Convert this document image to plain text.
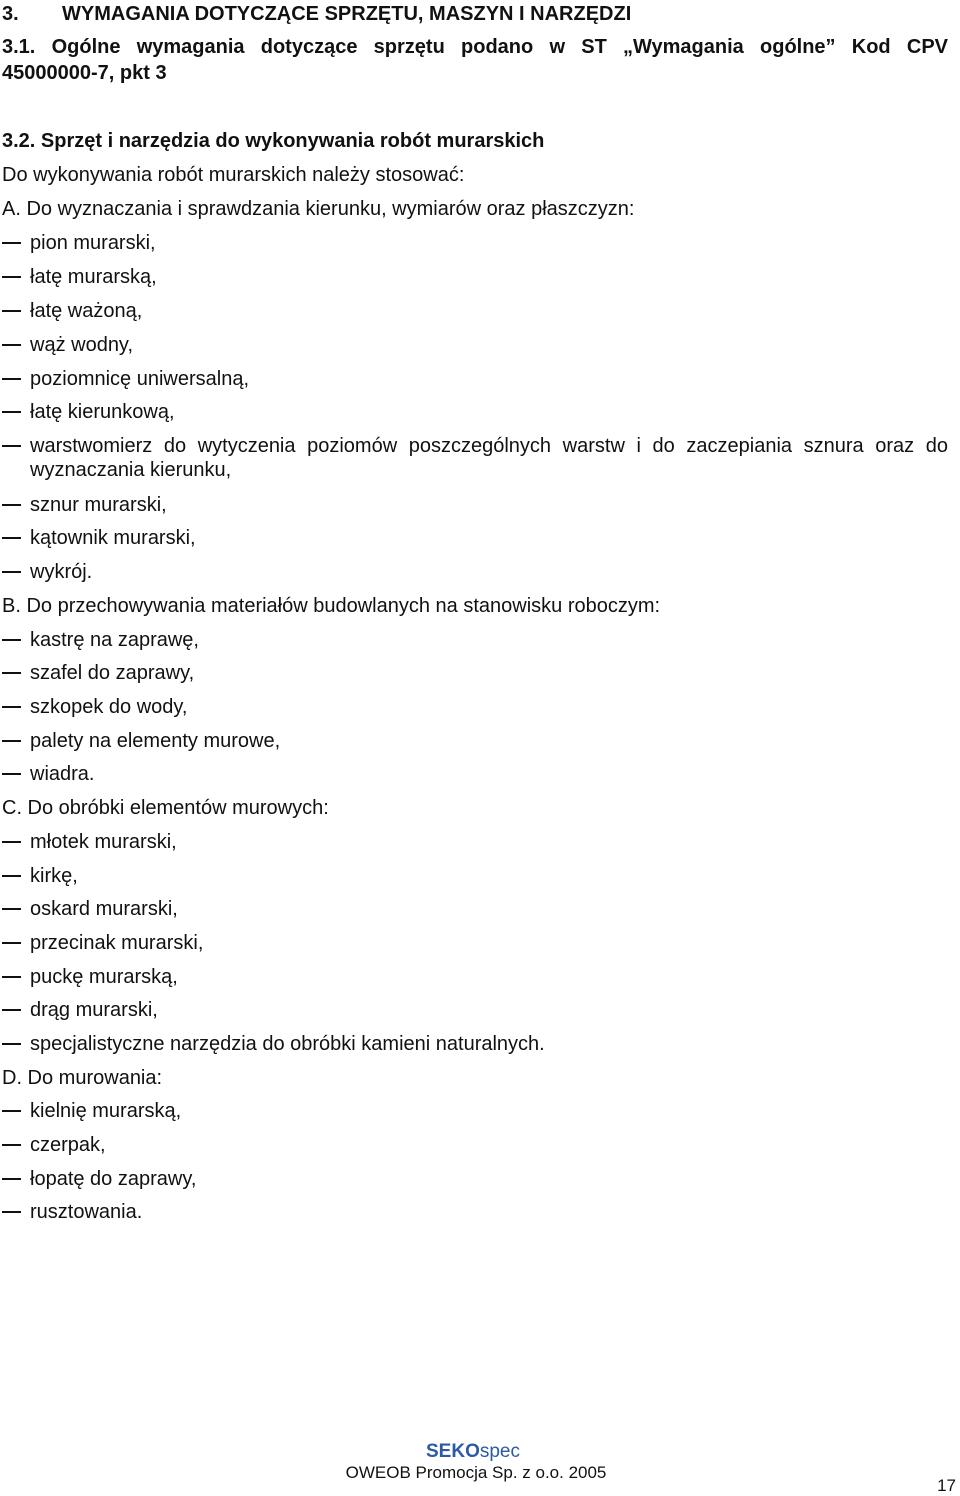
3. WYMAGANIA DOTYCZĄCE SPRZĘTU, MASZYN I NARZĘDZI
3.1. Ogólne wymagania dotyczące sprzętu podano w ST „Wymagania ogólne” Kod CPV
45000000-7, pkt 3
3.2. Sprzęt i narzędzia do wykonywania robót murarskich
Do wykonywania robót murarskich należy stosować:
A. Do wyznaczania i sprawdzania kierunku, wymiarów oraz płaszczyzn:
pion murarski,
łatę murarską,
łatę ważoną,
wąż wodny,
poziomnicę uniwersalną,
łatę kierunkową,
warstwomierz do wytyczenia poziomów poszczególnych warstw i do zaczepiania sznura oraz do wyznaczania kierunku,
sznur murarski,
kątownik murarski,
wykrój.
B. Do przechowywania materiałów budowlanych na stanowisku roboczym:
kastrę na zaprawę,
szafel do zaprawy,
szkopek do wody,
palety na elementy murowe,
wiadra.
C. Do obróbki elementów murowych:
młotek murarski,
kirkę,
oskard murarski,
przecinak murarski,
puckę murarską,
drąg murarski,
specjalistyczne narzędzia do obróbki kamieni naturalnych.
D. Do murowania:
kielnię murarską,
czerpak,
łopatę do zaprawy,
rusztowania.
SEKOspec
OWEOB Promocja Sp. z o.o. 2005
17
